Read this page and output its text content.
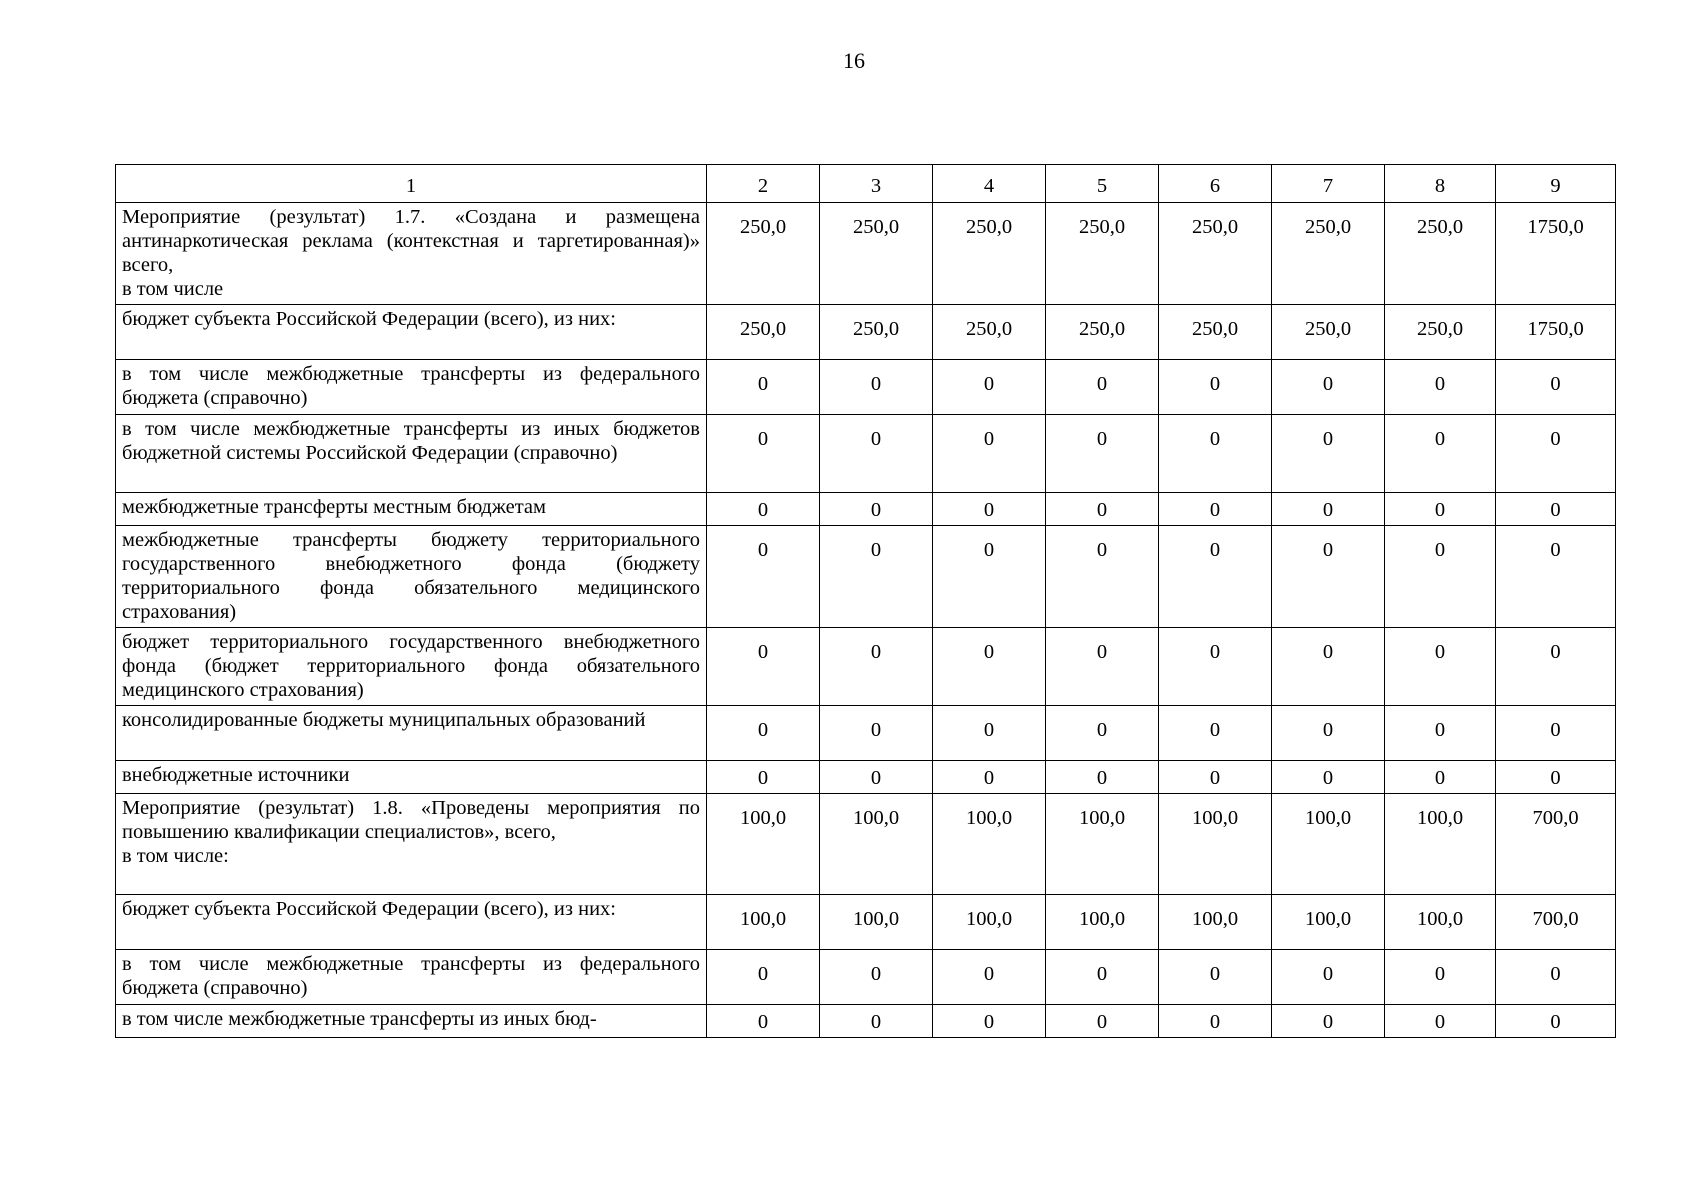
16
1	2	3	4	5	6	7	8	9
Мероприятие (результат) 1.7. «Создана и размещена антинаркотическая реклама (контекстная и таргетированная)» всего,
в том числе	250,0	250,0	250,0	250,0	250,0	250,0	250,0	1750,0
бюджет субъекта Российской Федерации (всего), из них:	250,0	250,0	250,0	250,0	250,0	250,0	250,0	1750,0
в том числе межбюджетные трансферты из федерального бюджета (справочно)	0	0	0	0	0	0	0	0
в том числе межбюджетные трансферты из иных бюджетов бюджетной системы Российской Федерации (справочно)	0	0	0	0	0	0	0	0
межбюджетные трансферты местным бюджетам	0	0	0	0	0	0	0	0
межбюджетные трансферты бюджету территориального государственного внебюджетного фонда (бюджету территориального фонда обязательного медицинского страхования)	0	0	0	0	0	0	0	0
бюджет территориального государственного внебюджетного фонда (бюджет территориального фонда обязательного медицинского страхования)	0	0	0	0	0	0	0	0
консолидированные бюджеты муниципальных образований	0	0	0	0	0	0	0	0
внебюджетные источники	0	0	0	0	0	0	0	0
Мероприятие (результат) 1.8. «Проведены мероприятия по повышению квалификации специалистов», всего,
в том числе:	100,0	100,0	100,0	100,0	100,0	100,0	100,0	700,0
бюджет субъекта Российской Федерации (всего), из них:	100,0	100,0	100,0	100,0	100,0	100,0	100,0	700,0
в том числе межбюджетные трансферты из федерального бюджета (справочно)	0	0	0	0	0	0	0	0
в том числе межбюджетные трансферты из иных бюд-	0	0	0	0	0	0	0	0
